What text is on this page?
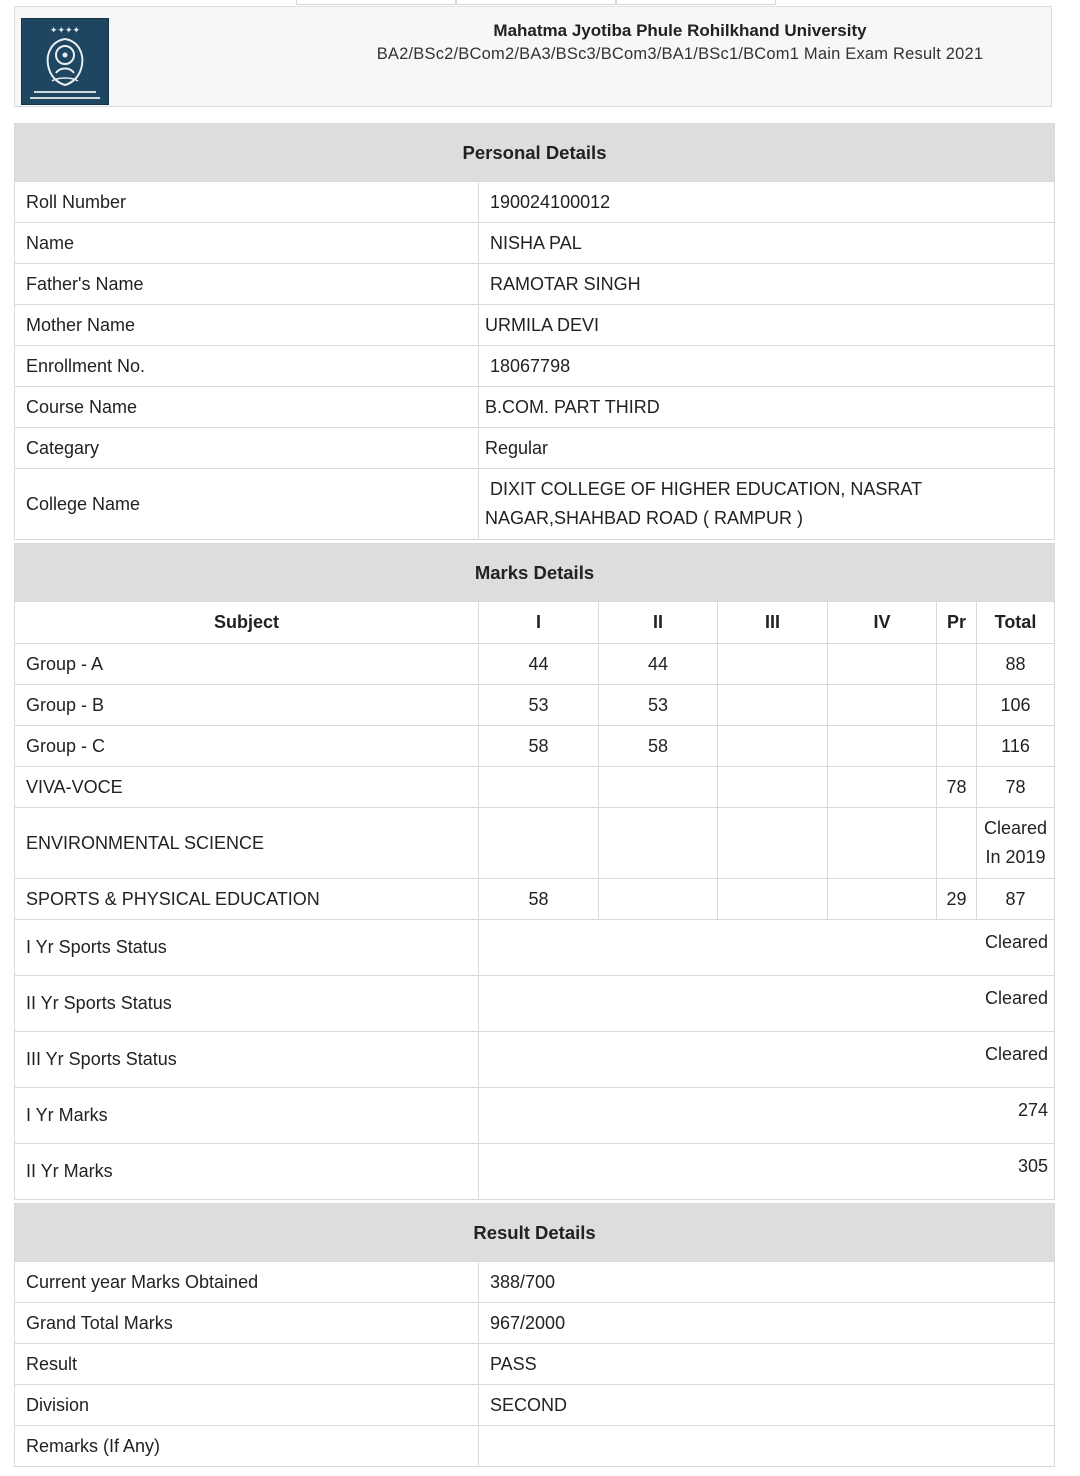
✦✦✦✦	Mahatma Jyotiba Phule Rohilkhand University
BA2/BSc2/BCom2/BA3/BSc3/BCom3/BA1/BSc1/BCom1 Main Exam Result 2021
Personal Details	
Roll Number	190024100012
Name	NISHA PAL
Father's Name	RAMOTAR SINGH
Mother Name	URMILA DEVI
Enrollment No.	18067798
Course Name	B.COM. PART THIRD
Categary	Regular
College Name	DIXIT COLLEGE OF HIGHER EDUCATION, NASRAT
NAGAR,SHAHBAD ROAD ( RAMPUR )
Marks Details						
Subject	I	II	III	IV	Pr	Total
Group - A	44	44				88
Group - B	53	53				106
Group - C	58	58				116
VIVA-VOCE					78	78
ENVIRONMENTAL SCIENCE						Cleared
In 2019

SPORTS & PHYSICAL EDUCATION	58				29	87
I Yr Sports Status	Cleared					
II Yr Sports Status	Cleared					
III Yr Sports Status	Cleared					
I Yr Marks	274					
II Yr Marks	305					
Result Details	
Current year Marks Obtained	388/700
Grand Total Marks	967/2000
Result	PASS
Division	SECOND
Remarks (If Any)	
